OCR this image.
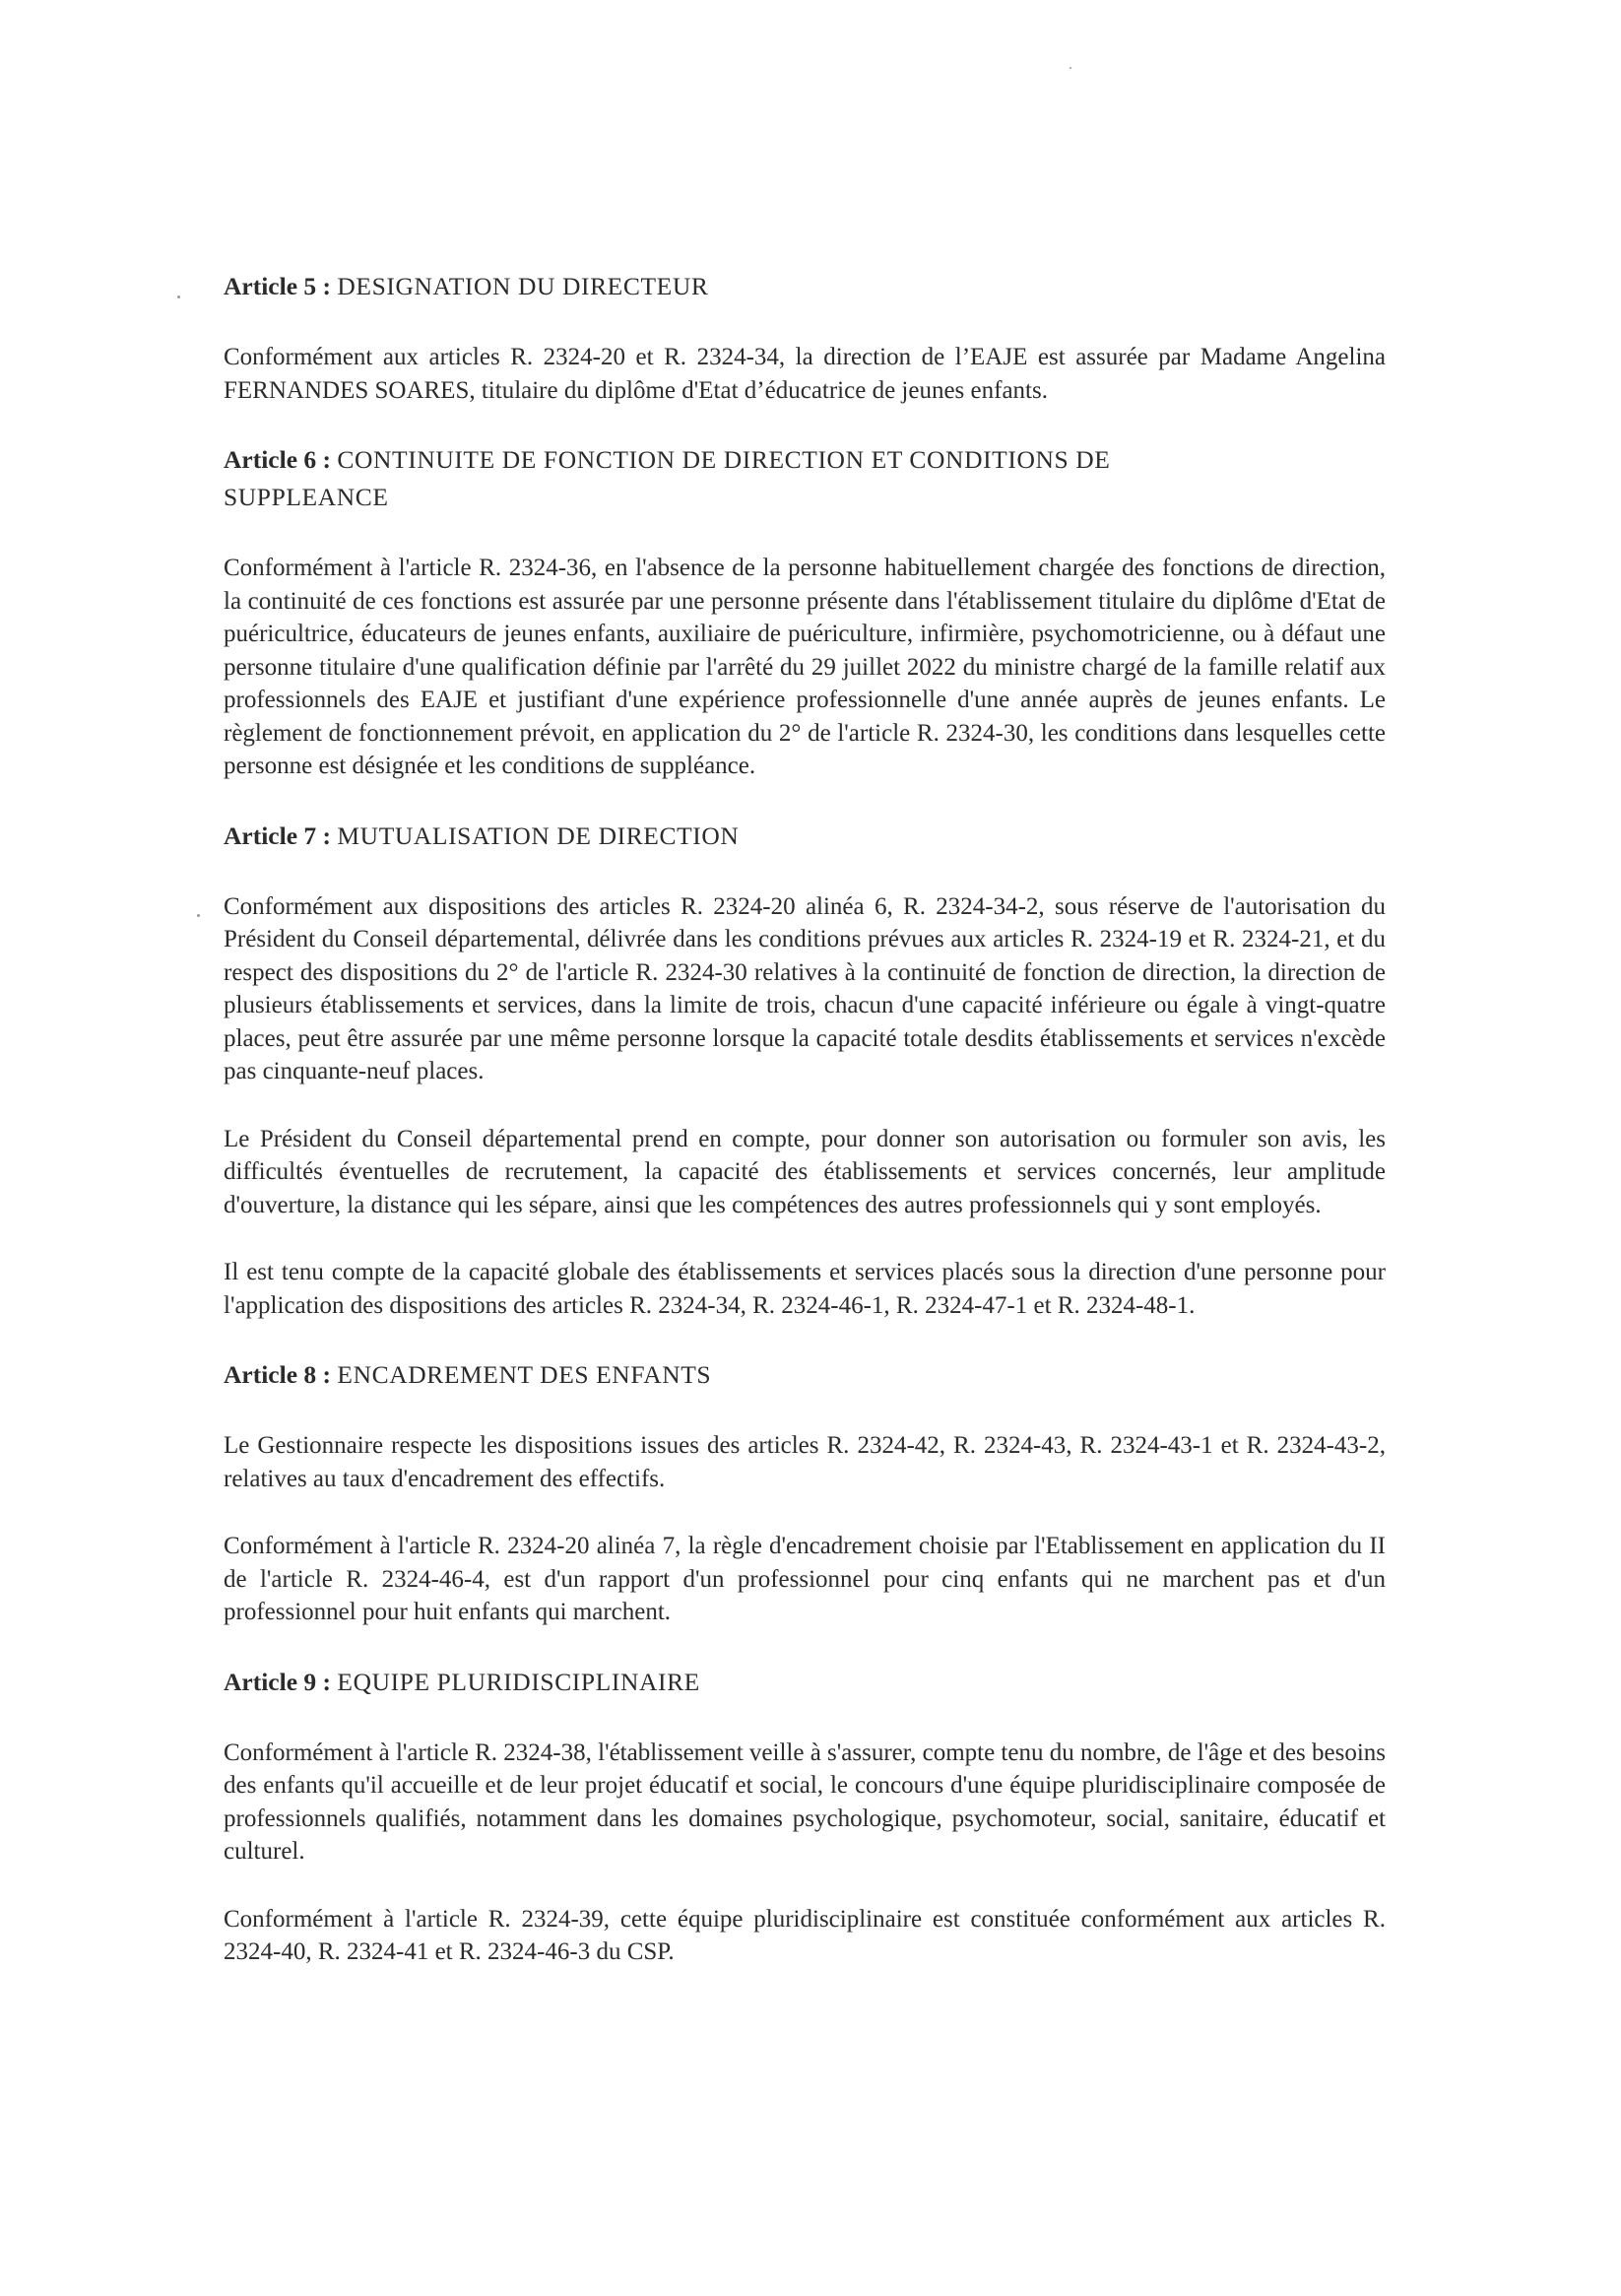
Article 5 : DESIGNATION DU DIRECTEUR

Conformément aux articles R. 2324-20 et R. 2324-34, la direction de l’EAJE est assurée par Madame Angelina FERNANDES SOARES, titulaire du diplôme d'Etat d’éducatrice de jeunes enfants.

Article 6 : CONTINUITE DE FONCTION DE DIRECTION ET CONDITIONS DE SUPPLEANCE

Conformément à l'article R. 2324-36, en l'absence de la personne habituellement chargée des fonctions de direction, la continuité de ces fonctions est assurée par une personne présente dans l'établissement titulaire du diplôme d'Etat de puéricultrice, éducateurs de jeunes enfants, auxiliaire de puériculture, infirmière, psychomotricienne, ou à défaut une personne titulaire d'une qualification définie par l'arrêté du 29 juillet 2022 du ministre chargé de la famille relatif aux professionnels des EAJE et justifiant d'une expérience professionnelle d'une année auprès de jeunes enfants. Le règlement de fonctionnement prévoit, en application du 2° de l'article R. 2324-30, les conditions dans lesquelles cette personne est désignée et les conditions de suppléance.

Article 7 : MUTUALISATION DE DIRECTION

Conformément aux dispositions des articles R. 2324-20 alinéa 6, R. 2324-34-2, sous réserve de l'autorisation du Président du Conseil départemental, délivrée dans les conditions prévues aux articles R. 2324-19 et R. 2324-21, et du respect des dispositions du 2° de l'article R. 2324-30 relatives à la continuité de fonction de direction, la direction de plusieurs établissements et services, dans la limite de trois, chacun d'une capacité inférieure ou égale à vingt-quatre places, peut être assurée par une même personne lorsque la capacité totale desdits établissements et services n'excède pas cinquante-neuf places.

Le Président du Conseil départemental prend en compte, pour donner son autorisation ou formuler son avis, les difficultés éventuelles de recrutement, la capacité des établissements et services concernés, leur amplitude d'ouverture, la distance qui les sépare, ainsi que les compétences des autres professionnels qui y sont employés.

Il est tenu compte de la capacité globale des établissements et services placés sous la direction d'une personne pour l'application des dispositions des articles R. 2324-34, R. 2324-46-1, R. 2324-47-1 et R. 2324-48-1.

Article 8 : ENCADREMENT DES ENFANTS

Le Gestionnaire respecte les dispositions issues des articles R. 2324-42, R. 2324-43, R. 2324-43-1 et R. 2324-43-2, relatives au taux d'encadrement des effectifs.

Conformément à l'article R. 2324-20 alinéa 7, la règle d'encadrement choisie par l'Etablissement en application du II de l'article R. 2324-46-4, est d'un rapport d'un professionnel pour cinq enfants qui ne marchent pas et d'un professionnel pour huit enfants qui marchent.

Article 9 : EQUIPE PLURIDISCIPLINAIRE

Conformément à l'article R. 2324-38, l'établissement veille à s'assurer, compte tenu du nombre, de l'âge et des besoins des enfants qu'il accueille et de leur projet éducatif et social, le concours d'une équipe pluridisciplinaire composée de professionnels qualifiés, notamment dans les domaines psychologique, psychomoteur, social, sanitaire, éducatif et culturel.

Conformément à l'article R. 2324-39, cette équipe pluridisciplinaire est constituée conformément aux articles R. 2324-40, R. 2324-41 et R. 2324-46-3 du CSP.
